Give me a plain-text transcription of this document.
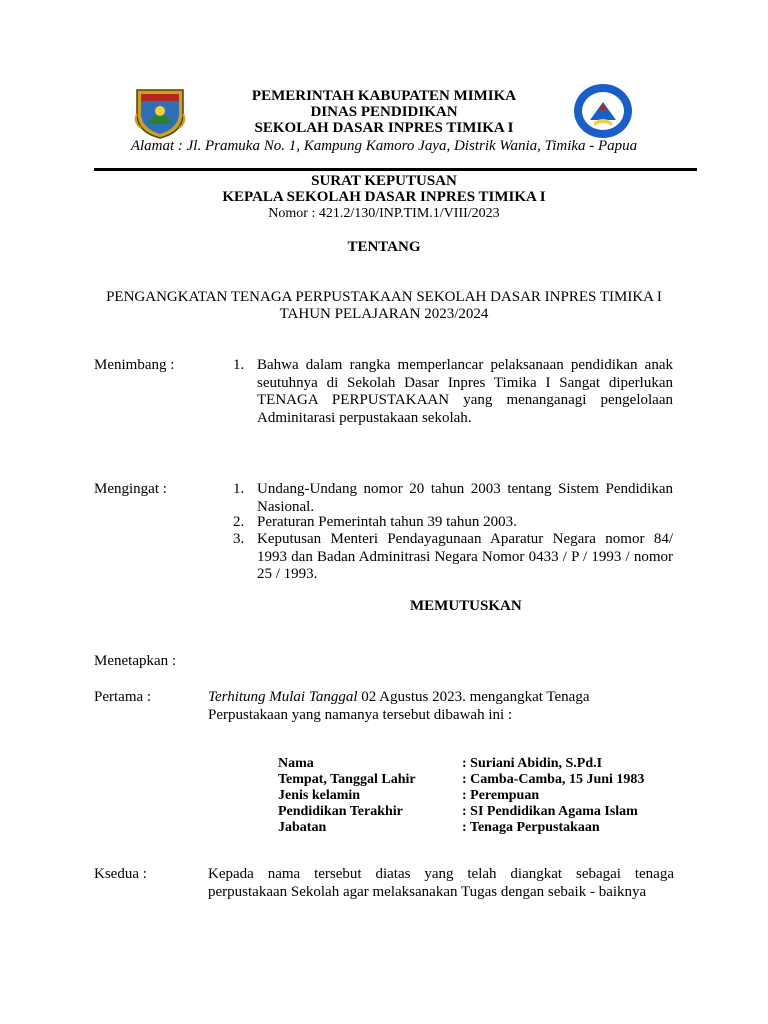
PEMERINTAH KABUPATEN MIMIKA
DINAS PENDIDIKAN
SEKOLAH DASAR INPRES TIMIKA I
Alamat : Jl. Pramuka No. 1, Kampung Kamoro Jaya, Distrik Wania, Timika - Papua
SURAT KEPUTUSAN
KEPALA SEKOLAH DASAR INPRES TIMIKA I
Nomor : 421.2/130/INP.TIM.1/VIII/2023
TENTANG
PENGANGKATAN TENAGA PERPUSTAKAAN SEKOLAH DASAR INPRES TIMIKA I
TAHUN PELAJARAN 2023/2024
Menimbang :	1. Bahwa dalam rangka memperlancar pelaksanaan pendidikan anak
seutuhnya di Sekolah Dasar Inpres Timika I Sangat diperlukan
TENAGA PERPUSTAKAAN yang menanganagi pengelolaan
Adminitarasi perpustakaan sekolah.
Mengingat :	1. Undang-Undang nomor 20 tahun 2003 tentang Sistem Pendidikan
Nasional.
2. Peraturan Pemerintah tahun 39 tahun 2003.
3. Keputusan Menteri Pendayagunaan Aparatur Negara nomor 84/
1993 dan Badan Adminitrasi Negara Nomor 0433 / P / 1993 / nomor
25 / 1993.
MEMUTUSKAN
Menetapkan :
Pertama :	Terhitung Mulai Tanggal 02 Agustus 2023. mengangkat Tenaga
Perpustakaan yang namanya tersebut dibawah ini :
Nama	: Suriani Abidin, S.Pd.I
Tempat, Tanggal Lahir	: Camba-Camba, 15 Juni 1983
Jenis kelamin	: Perempuan
Pendidikan Terakhir	: SI Pendidikan Agama Islam
Jabatan	: Tenaga Perpustakaan
Ksedua :	Kepada nama tersebut diatas yang telah diangkat sebagai tenaga
perpustakaan Sekolah agar melaksanakan Tugas dengan sebaik - baiknya
